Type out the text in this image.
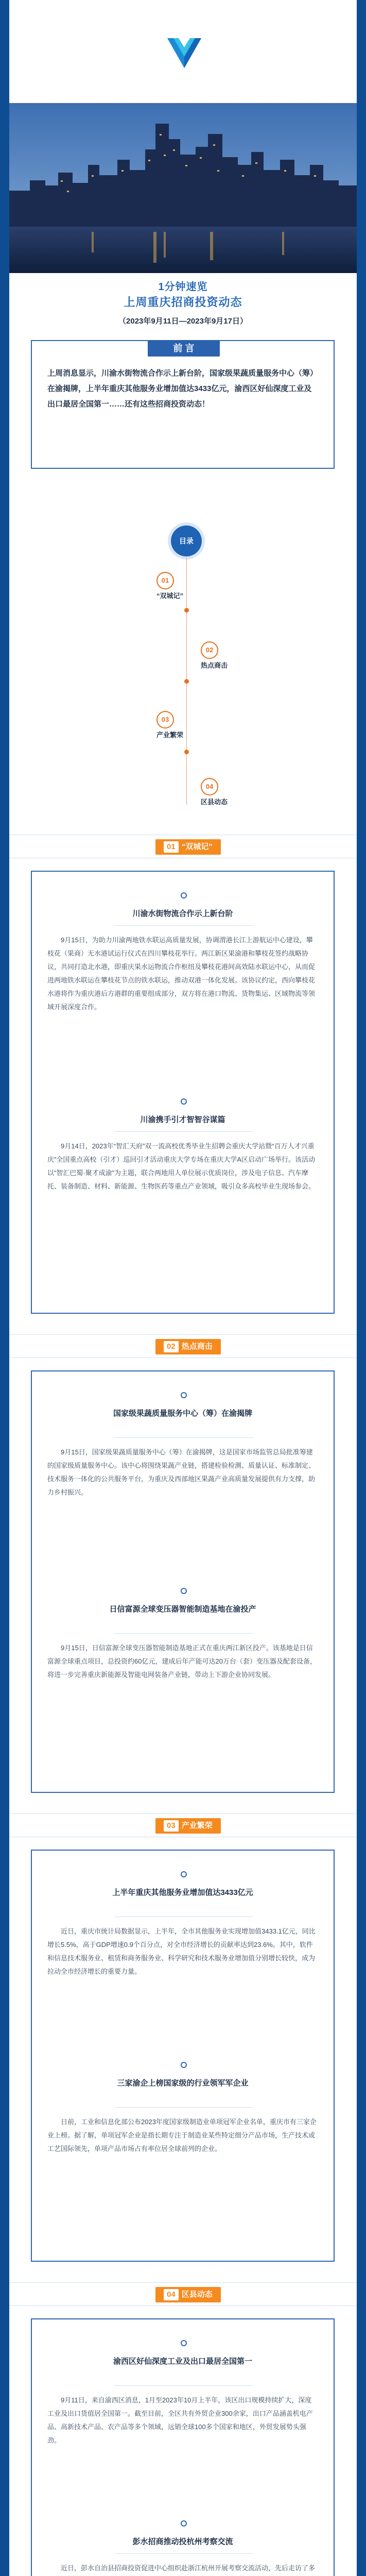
1分钟速览
上周重庆招商投资动态
（2023年9月11日—2023年9月17日）
前 言
上周消息显示，川渝水街物流合作示上新台阶，国家级果蔬质量服务中心（筹）在渝揭牌，上半年重庆其他服务业增加值达3433亿元，渝西区好仙深度工业及出口最居全国第一……还有这些招商投资动态！
目录
01
“双城记”
02
热点商击
03
产业繁荣
04
区县动态
01 “双城记”
川渝水街物流合作示上新台阶
9月15日，为助力川渝两地铁水联运高质量发展，协调渭港长江上游航运中心建设，攀枝花（果商）无水港试运行仪式在四川攀枝花举行。两江新区果渝港和攀枝花签约战略协议，共同打造北水港，即重庆果水运物流合作枢纽及攀枝花港间高效陆水联运中心，从而促进两地铁水联运在攀枝花节点的铁水联运，推动双港一体化发展。该协议约定，西向攀枝花水港将作为重庆港后方港群的重要组成部分，双方将在港口物流、货物集运、区域物流等领域开展深度合作。
川渝携手引才智智谷谋篇
9月14日，2023年“智汇天府”双一流高校优秀毕业生招聘会重庆大学站暨“百万人才兴重庆”全国重点高校（引才）巡回引才活动重庆大学专场在重庆大学A区启动广场举行。该活动以“智汇巴蜀·聚才成渝”为主题，联合两地用人单位展示优质岗位，涉及电子信息、汽车摩托、装备制造、材料、新能源、生物医药等重点产业领域，吸引众多高校毕业生现场参会。
02 热点商击
国家级果蔬质量服务中心（筹）在渝揭牌
9月15日，国家级果蔬质量服务中心（筹）在渝揭牌，这是国家市场监管总局批准筹建的国家级质量服务中心。该中心将围绕果蔬产业链，搭建检验检测、质量认证、标准制定、技术服务一体化的公共服务平台，为重庆及西部地区果蔬产业高质量发展提供有力支撑，助力乡村振兴。
日信富源全球变压器智能制造基地在渝投产
9月15日，日信富源全球变压器智能制造基地正式在重庆两江新区投产。该基地是日信富源全球重点项目，总投资约60亿元，建成后年产能可达20万台（套）变压器及配套设备，将进一步完善重庆新能源及智能电网装备产业链，带动上下游企业协同发展。
03 产业繁荣
上半年重庆其他服务业增加值达3433亿元
近日，重庆市统计局数据显示，上半年，全市其他服务业实现增加值3433.1亿元，同比增长5.5%，高于GDP增速0.9个百分点，对全市经济增长的贡献率达到23.6%。其中，软件和信息技术服务业、租赁和商务服务业、科学研究和技术服务业增加值分别增长较快，成为拉动全市经济增长的重要力量。
三家渝企上榜国家级的行业领军军企业
日前，工业和信息化部公布2023年度国家级制造业单项冠军企业名单，重庆市有三家企业上榜。据了解，单项冠军企业是指长期专注于制造业某些特定细分产品市场，生产技术或工艺国际领先，单项产品市场占有率位居全球前列的企业。
04 区县动态
渝西区好仙深度工业及出口最居全国第一
9月11日，来自渝西区消息，1月至2023年10月上半年，该区出口规模持续扩大，深度工业及出口货值居全国第一。截至目前，全区共有外贸企业300余家，出口产品涵盖机电产品、高新技术产品、农产品等多个领域，远销全球100多个国家和地区，外贸发展势头强劲。
彭水招商推动投杭州考察交流
近日，彭水自治县招商投资促进中心组织赴浙江杭州开展考察交流活动，先后走访了多
